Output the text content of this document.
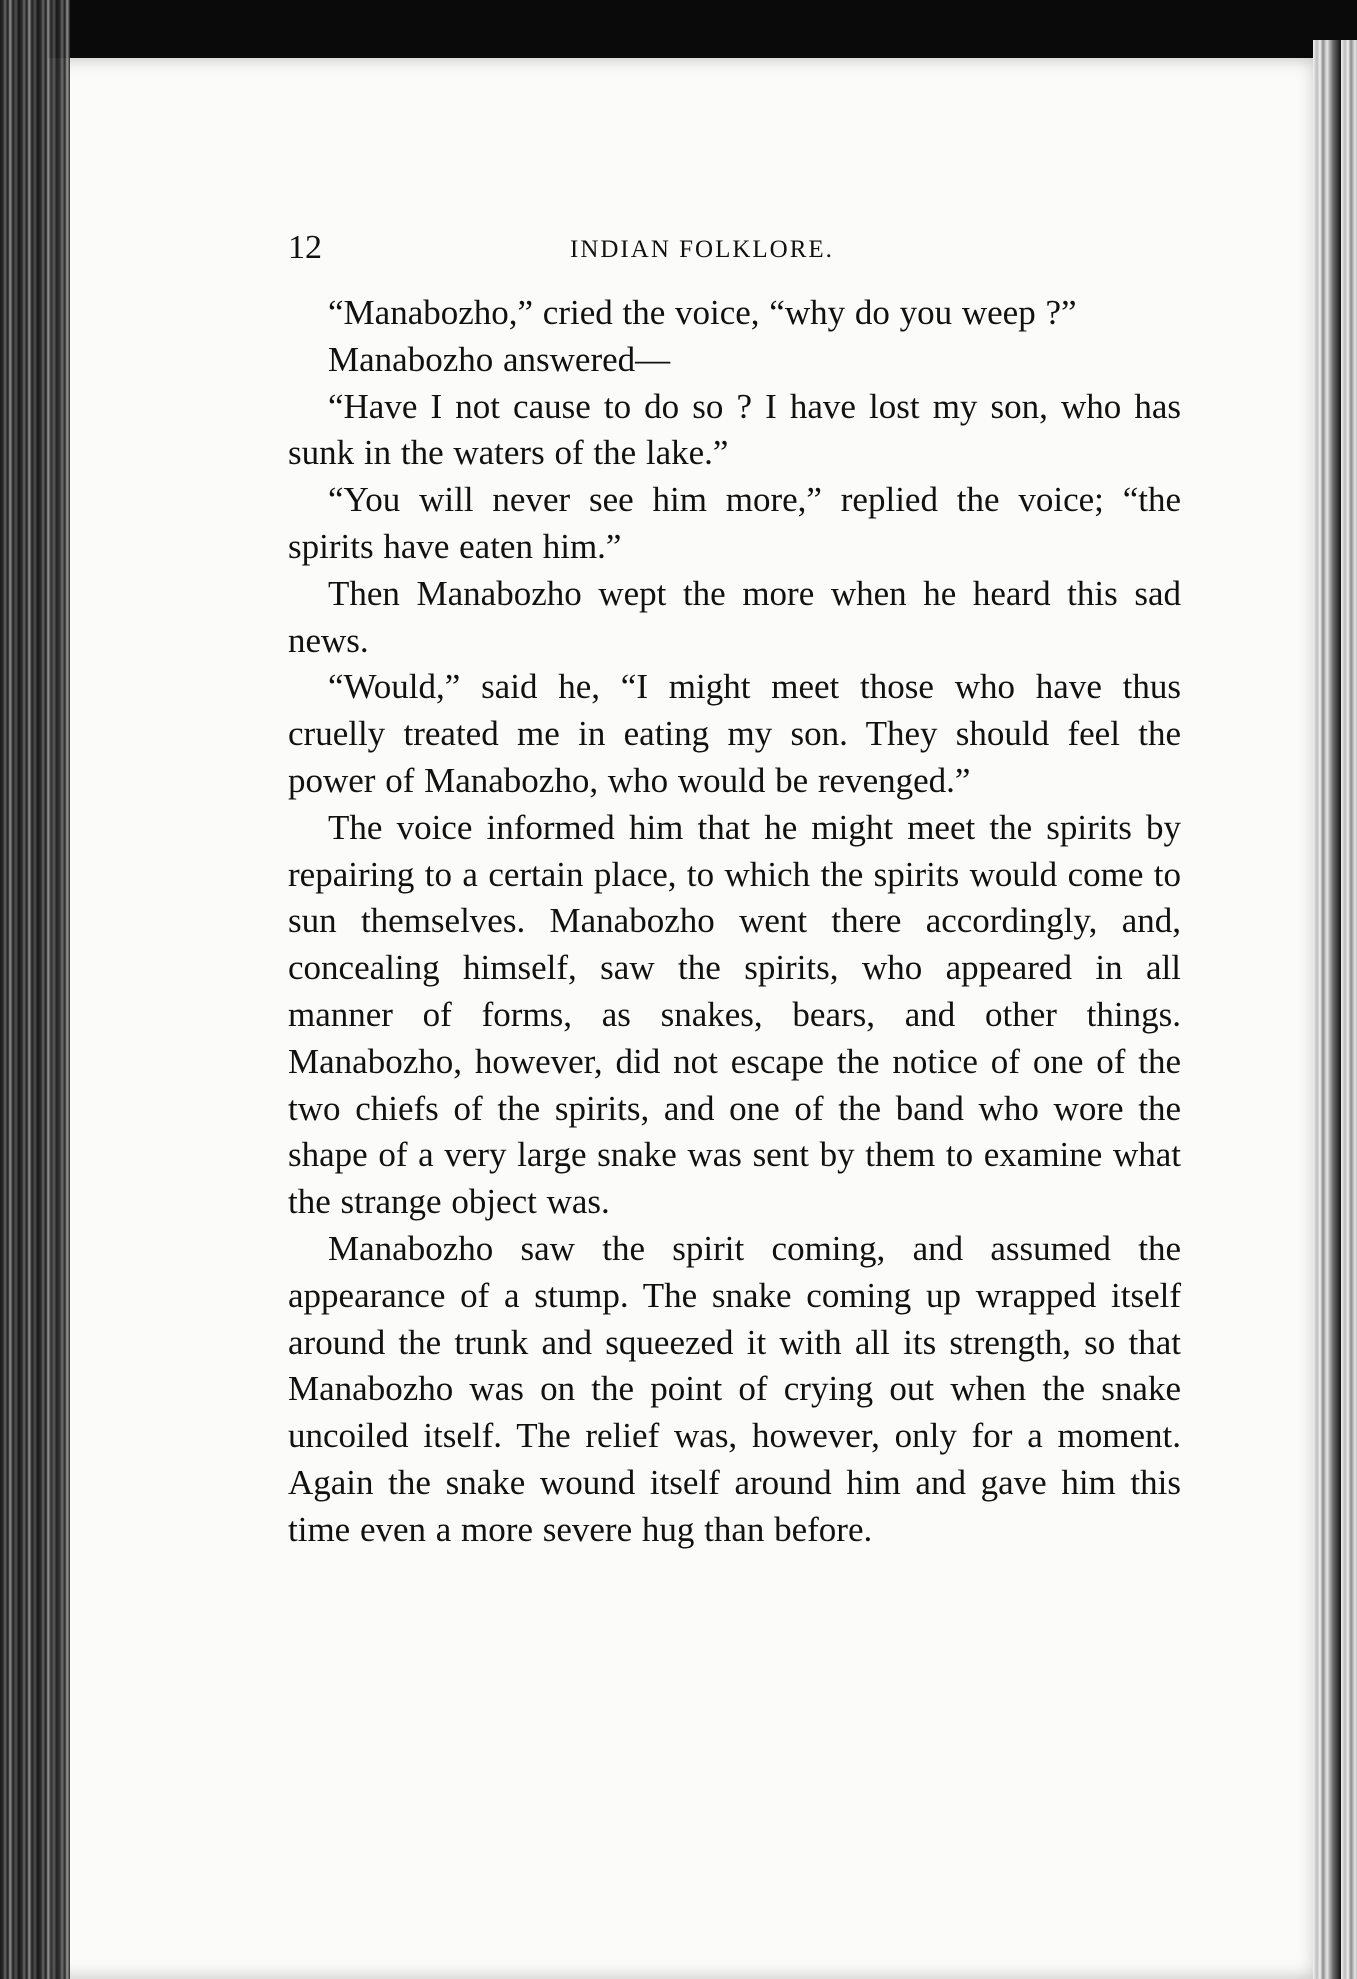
12	INDIAN FOLKLORE.

“Manabozho,” cried the voice, “why do you weep ?”

Manabozho answered—

“Have I not cause to do so ? I have lost my son, who has sunk in the waters of the lake.”

“You will never see him more,” replied the voice; “the spirits have eaten him.”

Then Manabozho wept the more when he heard this sad news.

“Would,” said he, “I might meet those who have thus cruelly treated me in eating my son. They should feel the power of Manabozho, who would be revenged.”

The voice informed him that he might meet the spirits by repairing to a certain place, to which the spirits would come to sun themselves. Manabozho went there accordingly, and, concealing himself, saw the spirits, who appeared in all manner of forms, as snakes, bears, and other things. Manabozho, however, did not escape the notice of one of the two chiefs of the spirits, and one of the band who wore the shape of a very large snake was sent by them to examine what the strange object was.

Manabozho saw the spirit coming, and assumed the appearance of a stump. The snake coming up wrapped itself around the trunk and squeezed it with all its strength, so that Manabozho was on the point of crying out when the snake uncoiled itself. The relief was, however, only for a moment. Again the snake wound itself around him and gave him this time even a more severe hug than before.
